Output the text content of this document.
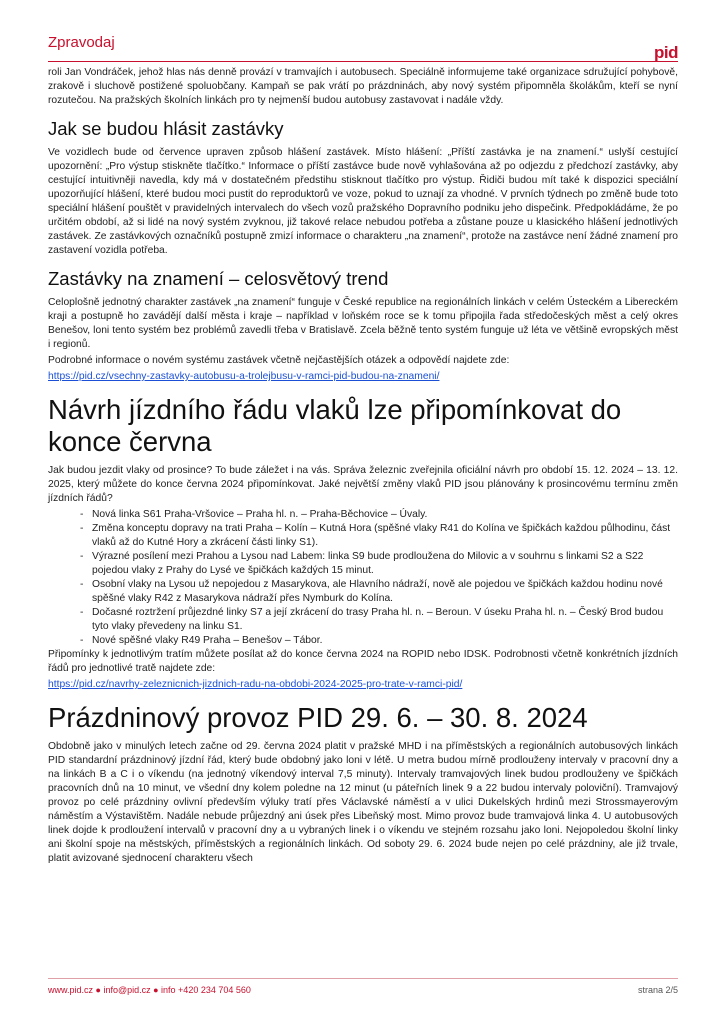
Zpravodaj
pid

roli Jan Vondráček, jehož hlas nás denně provází v tramvajích i autobusech. Speciálně informujeme také organizace sdružující pohybově, zrakově i sluchově postižené spoluobčany. Kampaň se pak vrátí po prázdninách, aby nový systém připomněla školákům, kteří se nyní rozutečou. Na pražských školních linkách pro ty nejmenší budou autobusy zastavovat i nadále vždy.

Jak se budou hlásit zastávky

Ve vozidlech bude od července upraven způsob hlášení zastávek. Místo hlášení: „Příští zastávka je na znamení.“ uslyší cestující upozornění: „Pro výstup stiskněte tlačítko.“ Informace o příští zastávce bude nově vyhlašována až po odjezdu z předchozí zastávky, aby cestující intuitivněji navedla, kdy má v dostatečném předstihu stisknout tlačítko pro výstup. Řidiči budou mít také k dispozici speciální upozorňující hlášení, které budou moci pustit do reproduktorů ve voze, pokud to uznají za vhodné. V prvních týdnech po změně bude toto speciální hlášení pouštět v pravidelných intervalech do všech vozů pražského Dopravního podniku jeho dispečink. Předpokládáme, že po určitém období, až si lidé na nový systém zvyknou, již takové relace nebudou potřeba a zůstane pouze u klasického hlášení jednotlivých zastávek. Ze zastávkových označníků postupně zmizí informace o charakteru „na znamení“, protože na zastávce není žádné znamení pro zastavení vozidla potřeba.

Zastávky na znamení – celosvětový trend

Celoplošně jednotný charakter zastávek „na znamení“ funguje v České republice na regionálních linkách v celém Ústeckém a Libereckém kraji a postupně ho zavádějí další města i kraje – například v loňském roce se k tomu připojila řada středočeských měst a celý okres Benešov, loni tento systém bez problémů zavedli třeba v Bratislavě. Zcela běžně tento systém funguje už léta ve většině evropských měst i regionů.

Podrobné informace o novém systému zastávek včetně nejčastějších otázek a odpovědí najdete zde:

https://pid.cz/vsechny-zastavky-autobusu-a-trolejbusu-v-ramci-pid-budou-na-znameni/

Návrh jízdního řádu vlaků lze připomínkovat do konce června

Jak budou jezdit vlaky od prosince? To bude záležet i na vás. Správa železnic zveřejnila oficiální návrh pro období 15. 12. 2024 – 13. 12. 2025, který můžete do konce června 2024 připomínkovat. Jaké největší změny vlaků PID jsou plánovány k prosincovému termínu změn jízdních řádů?

- Nová linka S61 Praha-Vršovice – Praha hl. n. – Praha-Běchovice – Úvaly.
- Změna konceptu dopravy na trati Praha – Kolín – Kutná Hora (spěšné vlaky R41 do Kolína ve špičkách každou půlhodinu, část vlaků až do Kutné Hory a zkrácení části linky S1).
- Výrazné posílení mezi Prahou a Lysou nad Labem: linka S9 bude prodloužena do Milovic a v souhrnu s linkami S2 a S22 pojedou vlaky z Prahy do Lysé ve špičkách každých 15 minut.
- Osobní vlaky na Lysou už nepojedou z Masarykova, ale Hlavního nádraží, nově ale pojedou ve špičkách každou hodinu nové spěšné vlaky R42 z Masarykova nádraží přes Nymburk do Kolína.
- Dočasné roztržení průjezdné linky S7 a její zkrácení do trasy Praha hl. n. – Beroun. V úseku Praha hl. n. – Český Brod budou tyto vlaky převedeny na linku S1.
- Nové spěšné vlaky R49 Praha – Benešov – Tábor.

Připomínky k jednotlivým tratím můžete posílat až do konce června 2024 na ROPID nebo IDSK. Podrobnosti včetně konkrétních jízdních řádů pro jednotlivé tratě najdete zde:

https://pid.cz/navrhy-zeleznicnich-jizdnich-radu-na-obdobi-2024-2025-pro-trate-v-ramci-pid/

Prázdninový provoz PID 29. 6. – 30. 8. 2024

Obdobně jako v minulých letech začne od 29. června 2024 platit v pražské MHD i na příměstských a regionálních autobusových linkách PID standardní prázdninový jízdní řád, který bude obdobný jako loni v létě. U metra budou mírně prodlouženy intervaly v pracovní dny a na linkách B a C i o víkendu (na jednotný víkendový interval 7,5 minuty). Intervaly tramvajových linek budou prodlouženy ve špičkách pracovních dnů na 10 minut, ve všední dny kolem poledne na 12 minut (u páteřních linek 9 a 22 budou intervaly poloviční). Tramvajový provoz po celé prázdniny ovlivní především výluky tratí přes Václavské náměstí a v ulici Dukelských hrdinů mezi Strossmayerovým náměstím a Výstavištěm. Nadále nebude průjezdný ani úsek přes Libeňský most. Mimo provoz bude tramvajová linka 4. U autobusových linek dojde k prodloužení intervalů v pracovní dny a u vybraných linek i o víkendu ve stejném rozsahu jako loni. Nejopoledou školní linky ani školní spoje na městských, příměstských a regionálních linkách. Od soboty 29. 6. 2024 bude nejen po celé prázdniny, ale již trvale, platit avizované sjednocení charakteru všech

www.pid.cz ● info@pid.cz ● info +420 234 704 560	strana 2/5
